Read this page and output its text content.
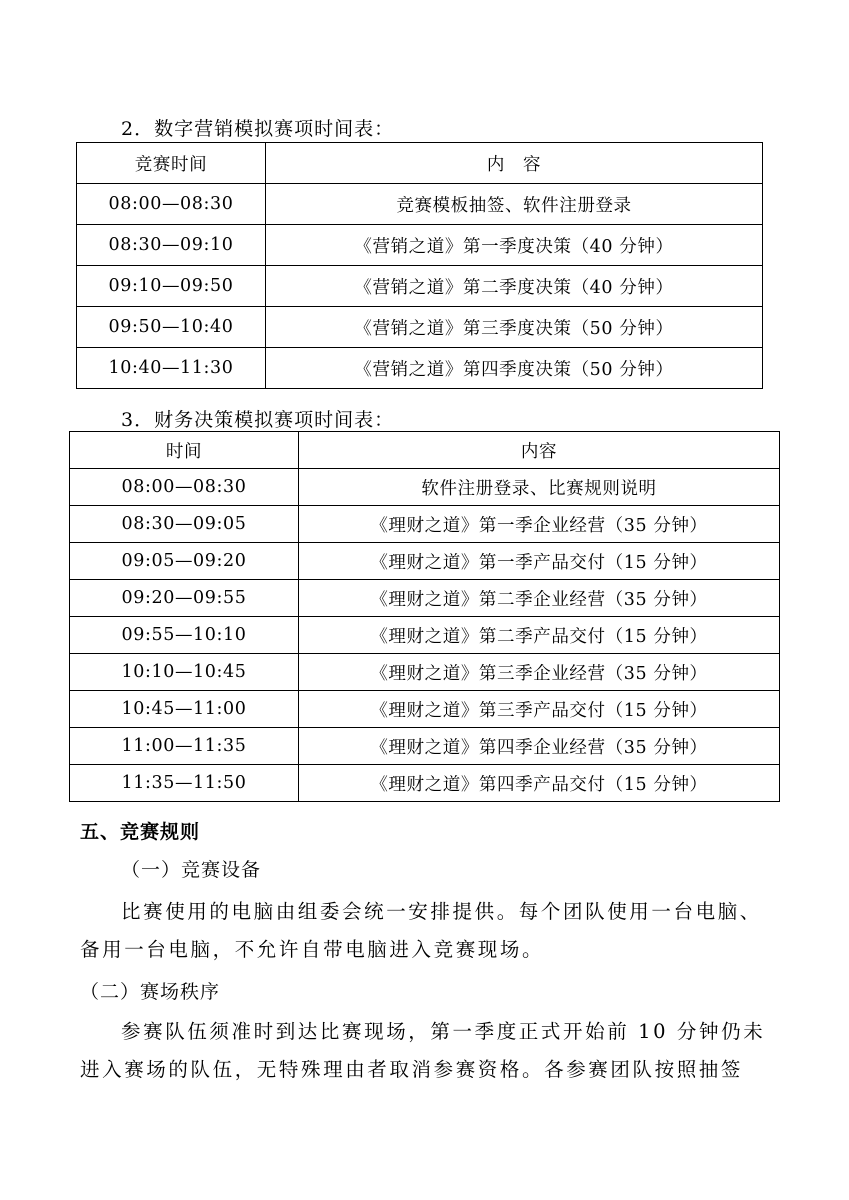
2．数字营销模拟赛项时间表：
竞赛时间	内　容
08:00—08:30	竞赛模板抽签、软件注册登录
08:30—09:10	《营销之道》第一季度决策（40 分钟）
09:10—09:50	《营销之道》第二季度决策（40 分钟）
09:50—10:40	《营销之道》第三季度决策（50 分钟）
10:40—11:30	《营销之道》第四季度决策（50 分钟）
3．财务决策模拟赛项时间表：
时间	内容
08:00—08:30	软件注册登录、比赛规则说明
08:30—09:05	《理财之道》第一季企业经营（35 分钟）
09:05—09:20	《理财之道》第一季产品交付（15 分钟）
09:20—09:55	《理财之道》第二季企业经营（35 分钟）
09:55—10:10	《理财之道》第二季产品交付（15 分钟）
10:10—10:45	《理财之道》第三季企业经营（35 分钟）
10:45—11:00	《理财之道》第三季产品交付（15 分钟）
11:00—11:35	《理财之道》第四季企业经营（35 分钟）
11:35—11:50	《理财之道》第四季产品交付（15 分钟）
五、竞赛规则
（一）竞赛设备
比赛使用的电脑由组委会统一安排提供。每个团队使用一台电脑、
备用一台电脑，不允许自带电脑进入竞赛现场。
（二）赛场秩序
参赛队伍须准时到达比赛现场，第一季度正式开始前 10 分钟仍未
进入赛场的队伍，无特殊理由者取消参赛资格。各参赛团队按照抽签
